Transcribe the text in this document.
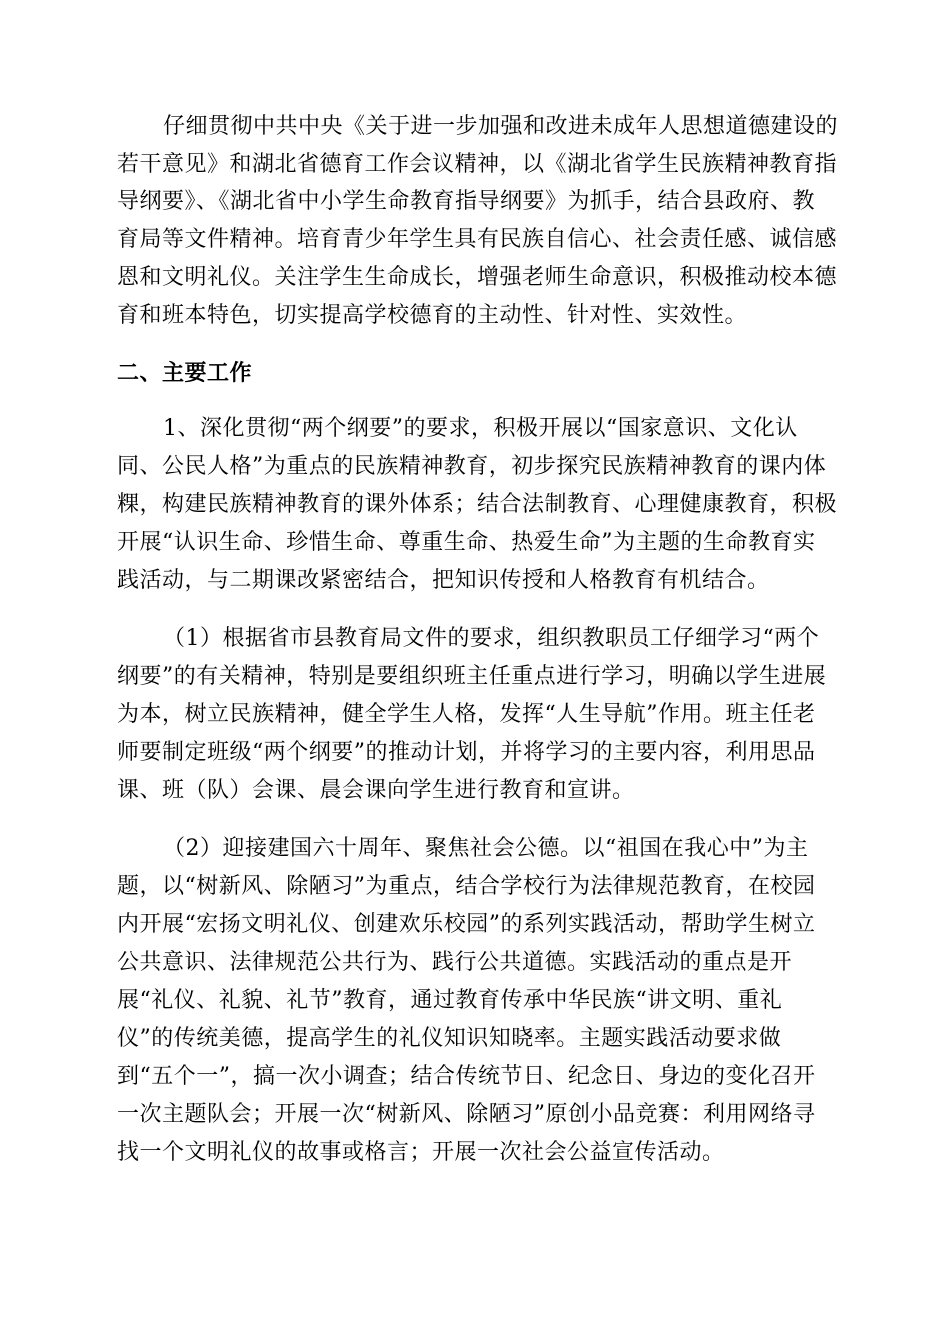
仔细贯彻中共中央《关于进一步加强和改进未成年人思想道德建设的
若干意见》和湖北省德育工作会议精神，以《湖北省学生民族精神教育指
导纲要》、《湖北省中小学生命教育指导纲要》为抓手，结合县政府、教
育局等文件精神。培育青少年学生具有民族自信心、社会责任感、诚信感
恩和文明礼仪。关注学生生命成长，增强老师生命意识，积极推动校本德
育和班本特色，切实提高学校德育的主动性、针对性、实效性。
二、主要工作
1、深化贯彻“两个纲要”的要求，积极开展以“国家意识、文化认
同、公民人格”为重点的民族精神教育，初步探究民族精神教育的课内体
粿，构建民族精神教育的课外体系；结合法制教育、心理健康教育，积极
开展“认识生命、珍惜生命、尊重生命、热爱生命”为主题的生命教育实
践活动，与二期课改紧密结合，把知识传授和人格教育有机结合。
（1）根据省市县教育局文件的要求，组织教职员工仔细学习“两个
纲要”的有关精神，特别是要组织班主任重点进行学习，明确以学生进展
为本，树立民族精神，健全学生人格，发挥“人生导航”作用。班主任老
师要制定班级“两个纲要”的推动计划，并将学习的主要内容，利用思品
课、班（队）会课、晨会课向学生进行教育和宣讲。
（2）迎接建国六十周年、聚焦社会公德。以“祖国在我心中”为主
题，以“树新风、除陋习”为重点，结合学校行为法律规范教育，在校园
内开展“宏扬文明礼仪、创建欢乐校园”的系列实践活动，帮助学生树立
公共意识、法律规范公共行为、践行公共道德。实践活动的重点是开
展“礼仪、礼貌、礼节”教育，通过教育传承中华民族“讲文明、重礼
仪”的传统美德，提高学生的礼仪知识知晓率。主题实践活动要求做
到“五个一”，搞一次小调查；结合传统节日、纪念日、身边的变化召开
一次主题队会；开展一次“树新风、除陋习”原创小品竞赛：利用网络寻
找一个文明礼仪的故事或格言；开展一次社会公益宣传活动。
